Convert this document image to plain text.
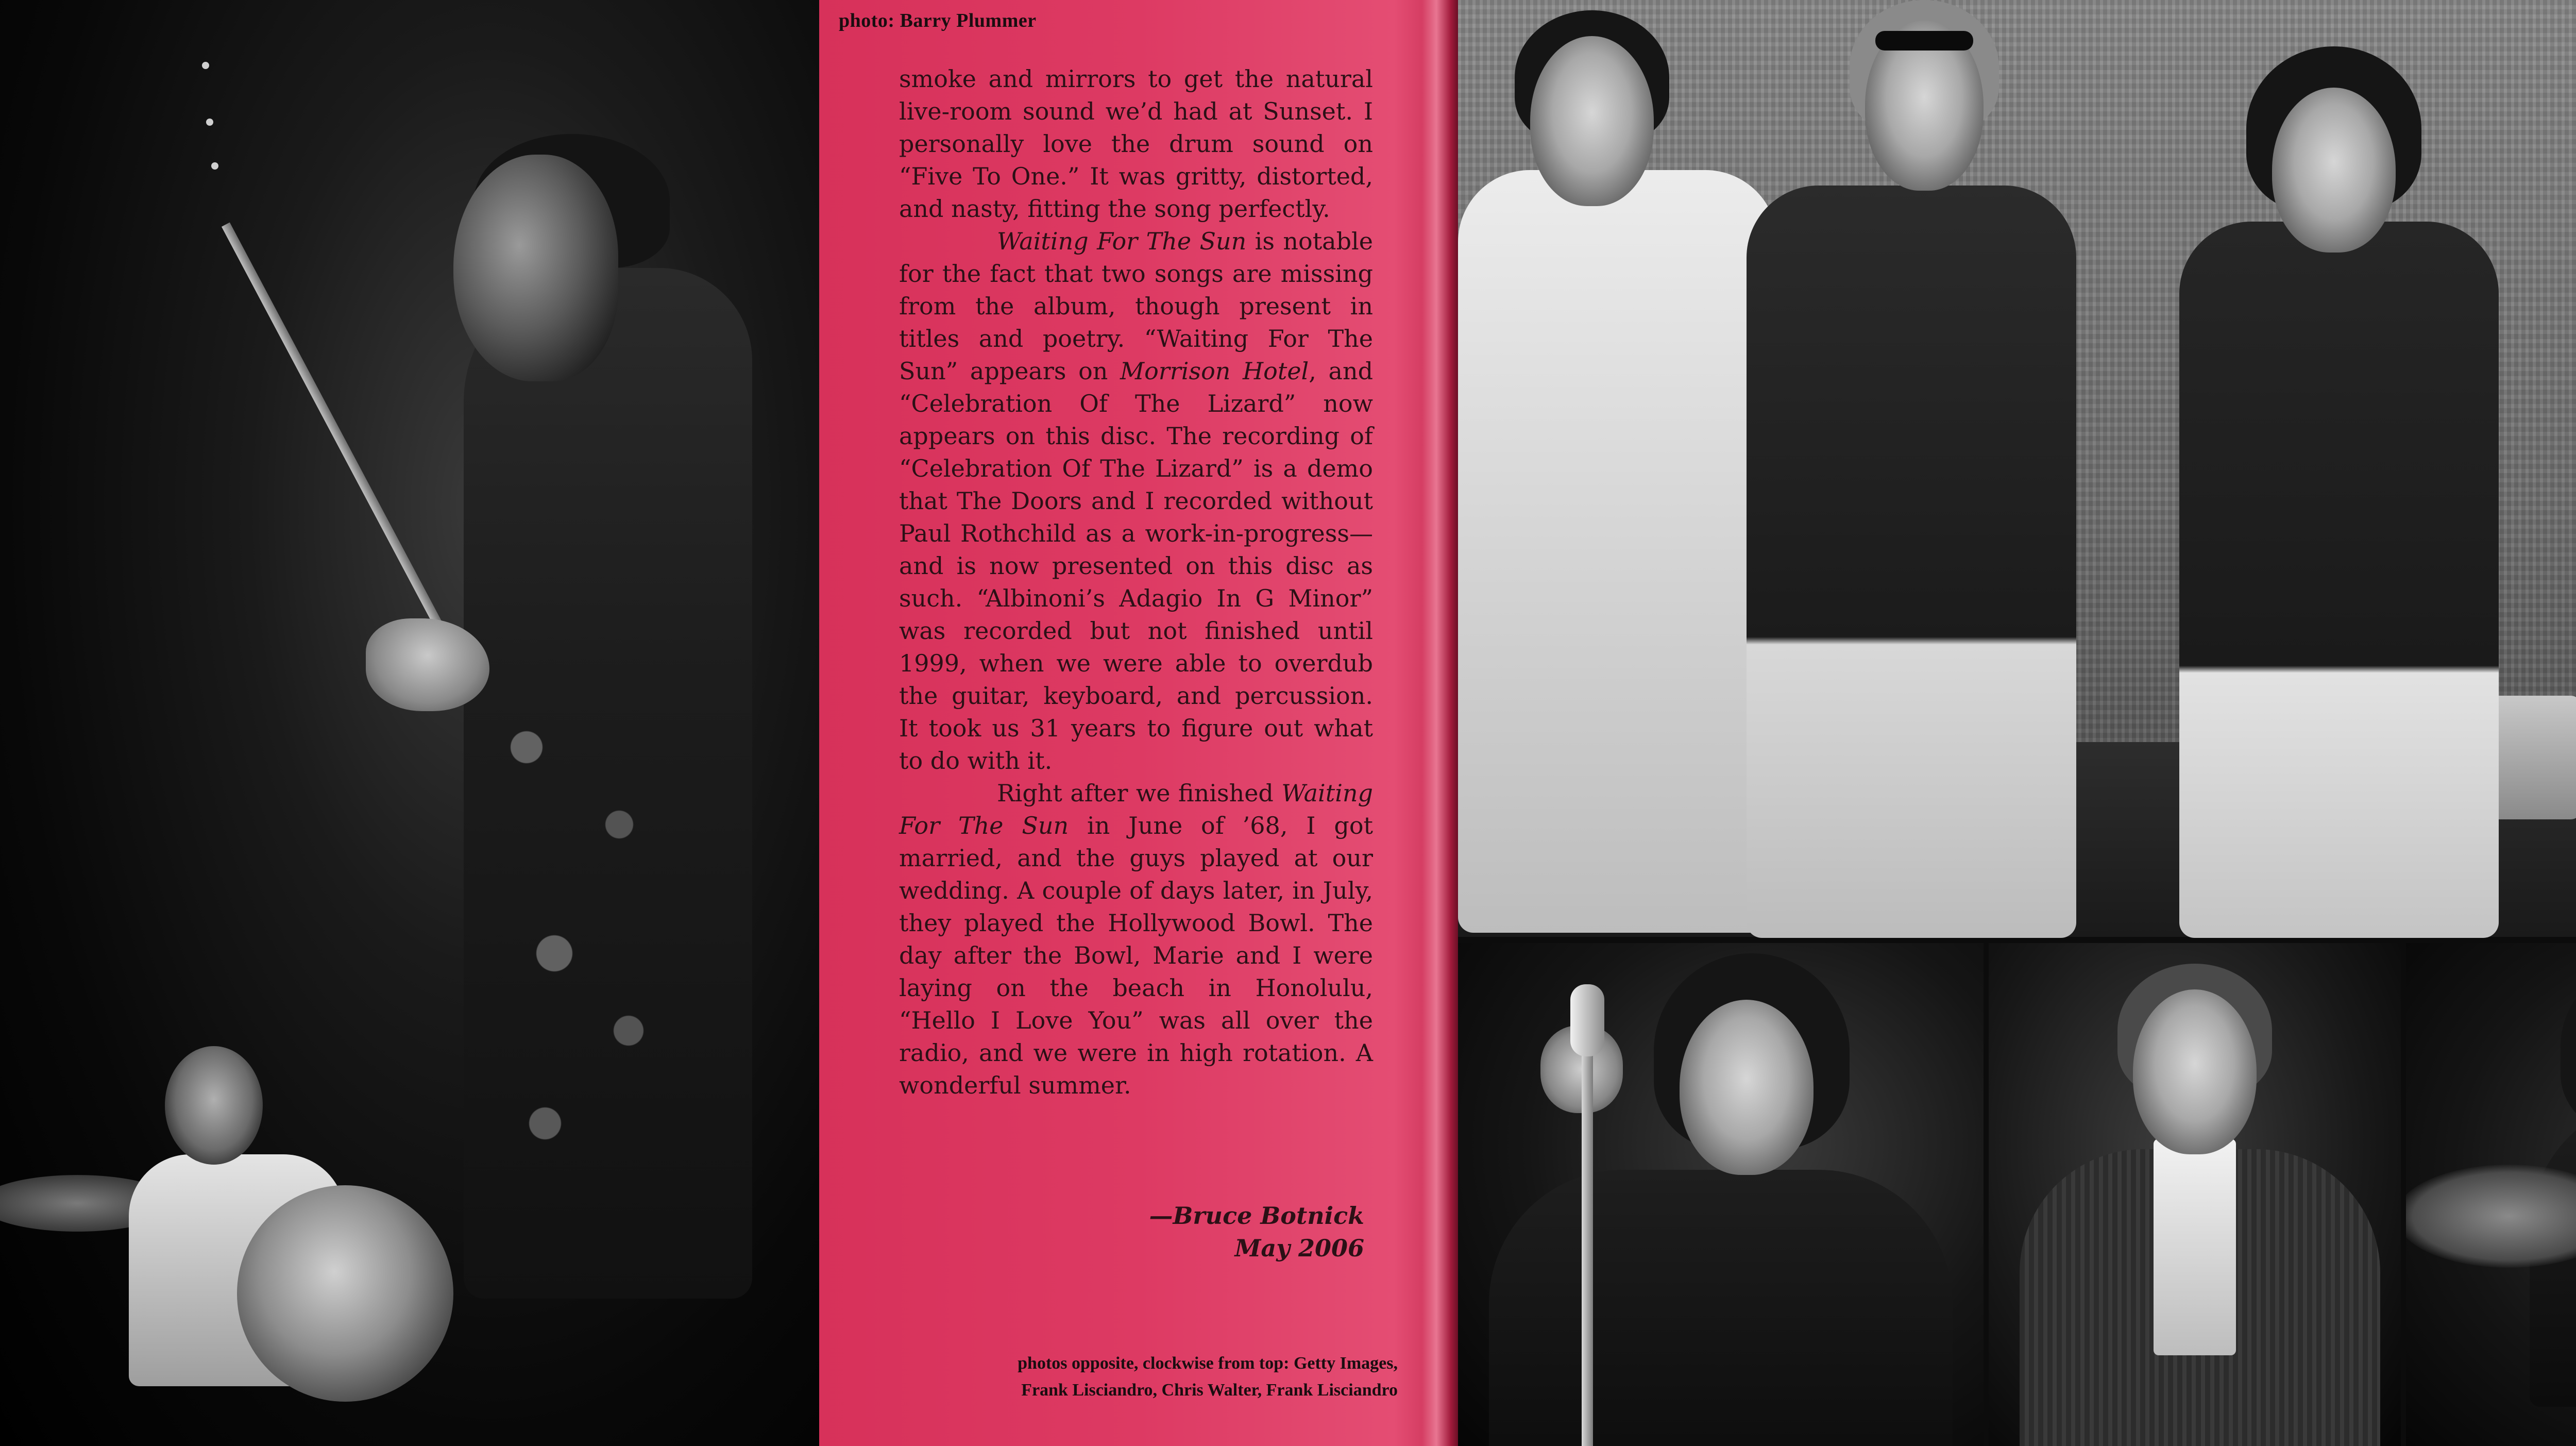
photo: Barry Plummer

smoke and mirrors to get the natural live-room sound we’d had at Sunset. I personally love the drum sound on “Five To One.” It was gritty, distorted, and nasty, fitting the song perfectly.

Waiting For The Sun is notable for the fact that two songs are missing from the album, though present in titles and poetry. “Waiting For The Sun” appears on Morrison Hotel, and “Celebration Of The Lizard” now appears on this disc. The recording of “Celebration Of The Lizard” is a demo that The Doors and I recorded without Paul Rothchild as a work-in-progress—and is now presented on this disc as such. “Albinoni’s Adagio In G Minor” was recorded but not finished until 1999, when we were able to overdub the guitar, keyboard, and percussion. It took us 31 years to figure out what to do with it.

Right after we finished Waiting For The Sun in June of ’68, I got married, and the guys played at our wedding. A couple of days later, in July, they played the Hollywood Bowl. The day after the Bowl, Marie and I were laying on the beach in Honolulu, “Hello I Love You” was all over the radio, and we were in high rotation. A wonderful summer.

—Bruce Botnick
May 2006
photos opposite, clockwise from top: Getty Images,
Frank Lisciandro, Chris Walter, Frank Lisciandro
